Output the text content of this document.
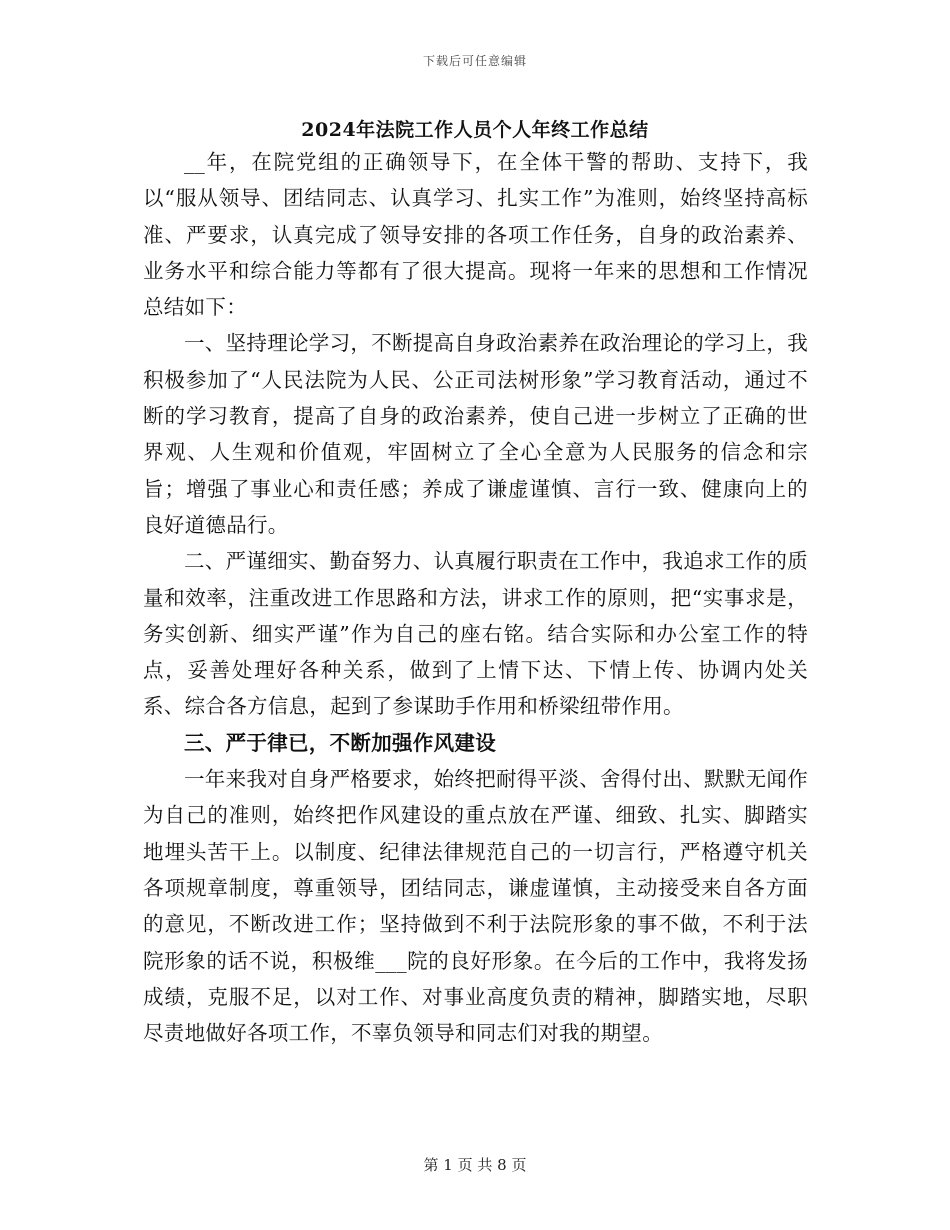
下载后可任意编辑
2024年法院工作人员个人年终工作总结

__年，在院党组的正确领导下，在全体干警的帮助、支持下，我以“服从领导、团结同志、认真学习、扎实工作”为准则，始终坚持高标准、严要求，认真完成了领导安排的各项工作任务，自身的政治素养、业务水平和综合能力等都有了很大提高。现将一年来的思想和工作情况总结如下：

一、坚持理论学习，不断提高自身政治素养在政治理论的学习上，我积极参加了“人民法院为人民、公正司法树形象”学习教育活动，通过不断的学习教育，提高了自身的政治素养，使自己进一步树立了正确的世界观、人生观和价值观，牢固树立了全心全意为人民服务的信念和宗旨；增强了事业心和责任感；养成了谦虚谨慎、言行一致、健康向上的良好道德品行。

二、严谨细实、勤奋努力、认真履行职责在工作中，我追求工作的质量和效率，注重改进工作思路和方法，讲求工作的原则，把“实事求是，务实创新、细实严谨”作为自己的座右铭。结合实际和办公室工作的特点，妥善处理好各种关系，做到了上情下达、下情上传、协调内处关系、综合各方信息，起到了参谋助手作用和桥梁纽带作用。

三、严于律已，不断加强作风建设

一年来我对自身严格要求，始终把耐得平淡、舍得付出、默默无闻作为自己的准则，始终把作风建设的重点放在严谨、细致、扎实、脚踏实地埋头苦干上。以制度、纪律法律规范自己的一切言行，严格遵守机关各项规章制度，尊重领导，团结同志，谦虚谨慎，主动接受来自各方面的意见，不断改进工作；坚持做到不利于法院形象的事不做，不利于法院形象的话不说，积极维___院的良好形象。在今后的工作中，我将发扬成绩，克服不足，以对工作、对事业高度负责的精神，脚踏实地，尽职尽责地做好各项工作，不辜负领导和同志们对我的期望。

第 1 页 共 8 页
